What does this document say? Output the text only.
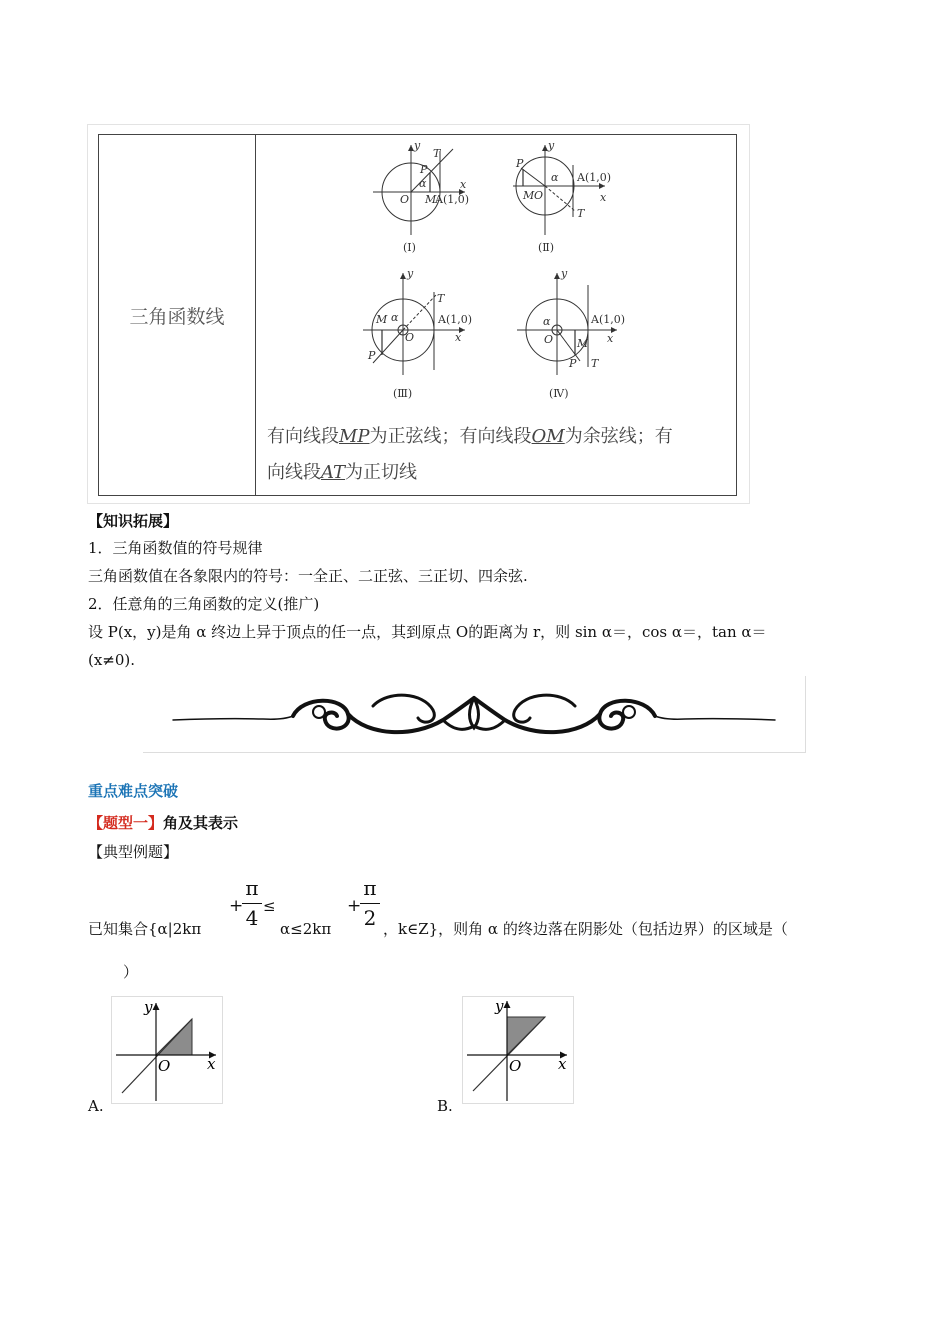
三角函数线
y
x
T
P
α
O M
A(1,0)
(Ⅰ)
y
x
P
α A(1,0)
M O
T
(Ⅱ)
y
T
M α	A(1,0)
O	x
P
(Ⅲ)
y
α	A(1,0)
O	x
M
P T
(Ⅳ)
有向线段MP为正弦线；有向线段OM为余弦线；有
向线段AT为正切线
【知识拓展】
1．三角函数值的符号规律
三角函数值在各象限内的符号：一全正、二正弦、三正切、四余弦.
2．任意角的三角函数的定义(推广)
设 P(x，y)是角 α 终边上异于顶点的任一点，其到原点 O的距离为 r，则 sin α＝，cos α＝，tan α＝
(x≠0).
重点难点突破
【题型一】角及其表示
【典型例题】
已知集合{α|2kπ
+
π
4 ≤
α≤2kπ
+
π
2 ，k∈Z}，则角 α 的终边落在阴影处（包括边界）的区域是（
）
y
x
O
A.
y
x
O
B.
